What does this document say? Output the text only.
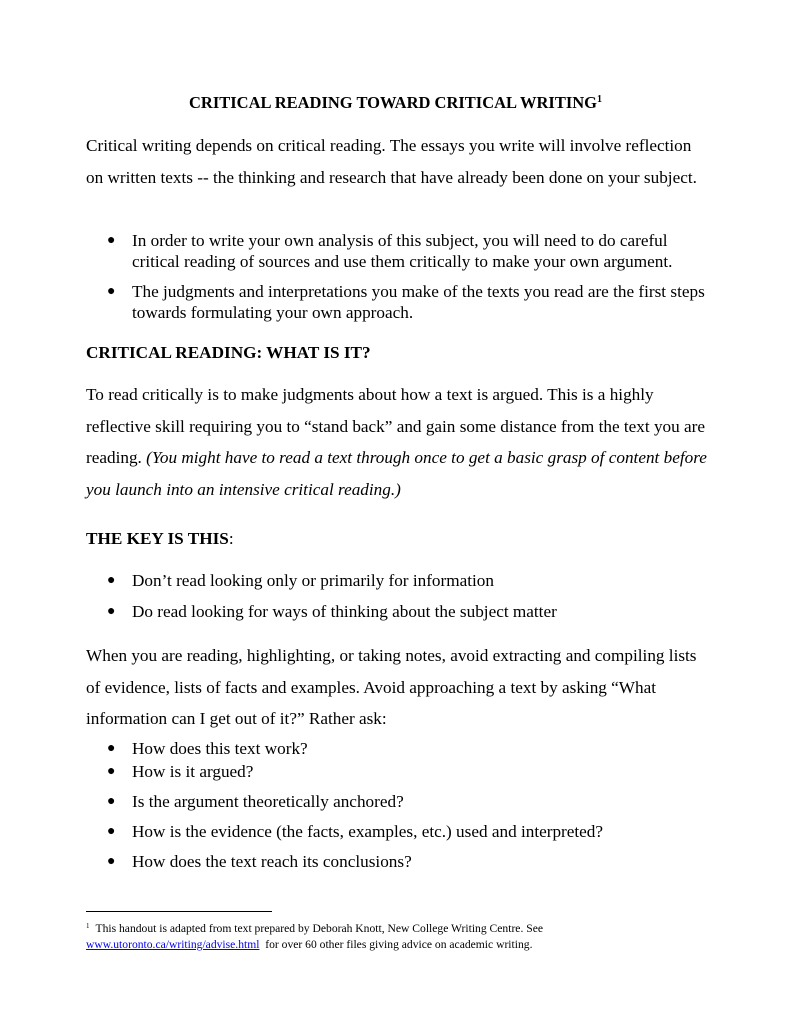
CRITICAL READING TOWARD CRITICAL WRITING$^1$

Critical writing depends on critical reading. The essays you write will involve reflection on written texts -- the thinking and research that have already been done on your subject.

● In order to write your own analysis of this subject, you will need to do careful critical reading of sources and use them critically to make your own argument.
● The judgments and interpretations you make of the texts you read are the first steps towards formulating your own approach.
CRITICAL READING: WHAT IS IT?

To read critically is to make judgments about how a text is argued. This is a highly reflective skill requiring you to “stand back” and gain some distance from the text you are reading. (You might have to read a text through once to get a basic grasp of content before you launch into an intensive critical reading.)

THE KEY IS THIS:
● Don’t read looking only or primarily for information
● Do read looking for ways of thinking about the subject matter

When you are reading, highlighting, or taking notes, avoid extracting and compiling lists of evidence, lists of facts and examples. Avoid approaching a text by asking “What information can I get out of it?” Rather ask:

● How does this text work?
● How is it argued?
● Is the argument theoretically anchored?
● How is the evidence (the facts, examples, etc.) used and interpreted?
● How does the text reach its conclusions?

$^1$ This handout is adapted from text prepared by Deborah Knott, New College Writing Centre. See
www.utoronto.ca/writing/advise.html  for over 60 other files giving advice on academic writing.
